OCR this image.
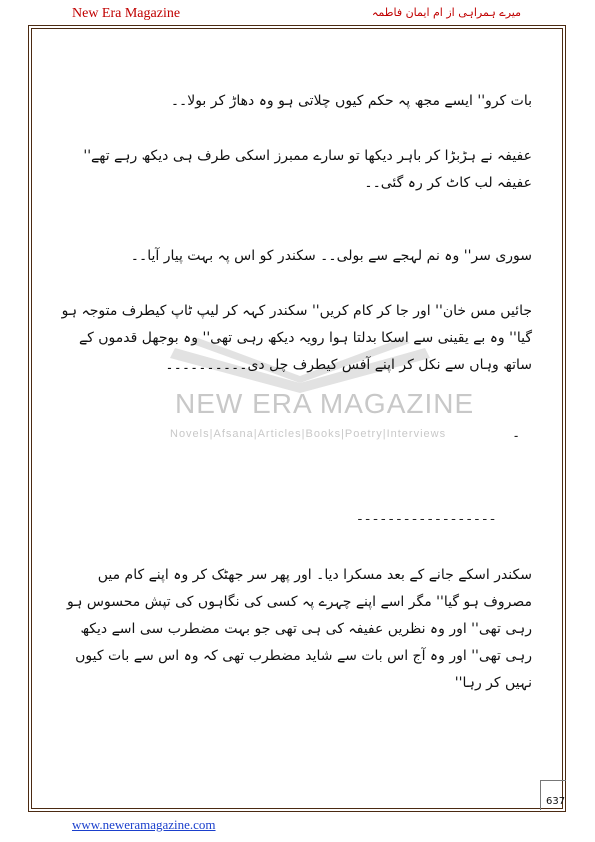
New Era Magazine	میرے ہمراہی از ام ایمان فاطمہ
NEW ERA MAGAZINE
Novels|Afsana|Articles|Books|Poetry|Interviews
بات کرو'' ایسے مجھ پہ حکم کیوں چلاتی ہو وہ دھاڑ کر بولا۔۔
عفیفہ نے ہڑبڑا کر باہر دیکھا تو سارے ممبرز اسکی طرف ہی دیکھ رہے تھے'' عفیفہ لب کاٹ کر رہ گئی۔۔
سوری سر'' وہ نم لہجے سے بولی۔۔ سکندر کو اس پہ بہت پیار آیا۔۔
جائیں مس خان'' اور جا کر کام کریں'' سکندر کہہ کر لیپ ٹاپ کیطرف متوجہ ہو گیا'' وہ بے یقینی سے اسکا بدلتا ہوا رویہ دیکھ رہی تھی'' وہ بوجھل قدموں کے ساتھ وہاں سے نکل کر اپنے آفس کیطرف چل دی۔۔۔۔۔۔۔۔۔۔
۔
------------------
سکندر اسکے جانے کے بعد مسکرا دیا۔ اور پھر سر جھٹک کر وہ اپنے کام میں مصروف ہو گیا'' مگر اسے اپنے چہرے پہ کسی کی نگاہوں کی تپش محسوس ہو رہی تھی'' اور وہ نظریں عفیفہ کی ہی تھی جو بہت مضطرب سی اسے دیکھ رہی تھی'' اور وہ آج اس بات سے شاید مضطرب تھی کہ وہ اس سے بات کیوں نہیں کر رہا''
637
www.neweramagazine.com
